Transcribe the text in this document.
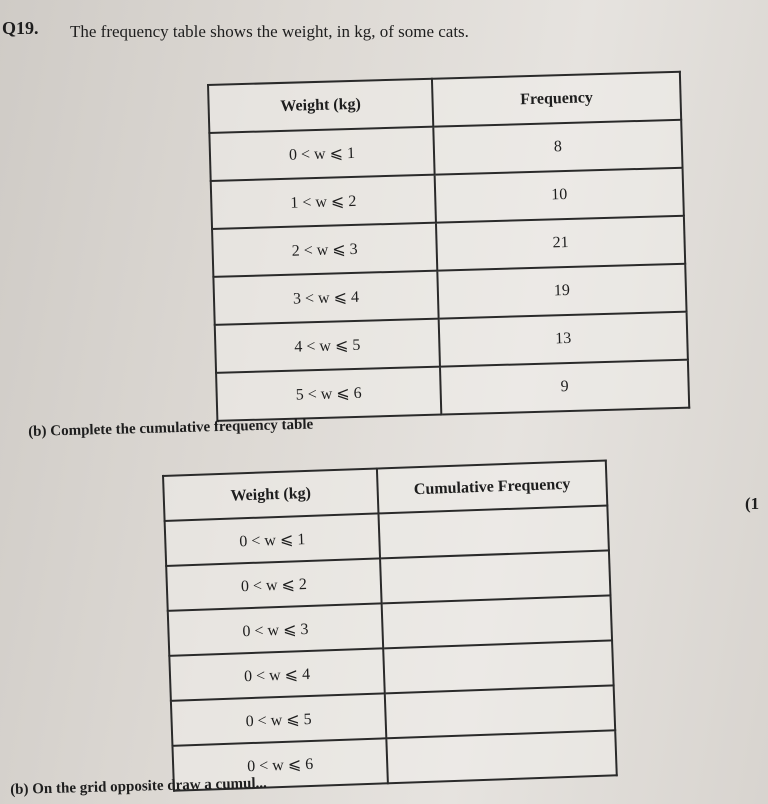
Q19. The frequency table shows the weight, in kg, of some cats.
Weight (kg)	Frequency
0 < w ⩽ 1	8
1 < w ⩽ 2	10
2 < w ⩽ 3	21
3 < w ⩽ 4	19
4 < w ⩽ 5	13
5 < w ⩽ 6	9
(b) Complete the cumulative frequency table
(1
Weight (kg)	Cumulative Frequency
0 < w ⩽ 1	
0 < w ⩽ 2	
0 < w ⩽ 3	
0 < w ⩽ 4	
0 < w ⩽ 5	
0 < w ⩽ 6	
(b) On the grid opposite draw a cumul...
